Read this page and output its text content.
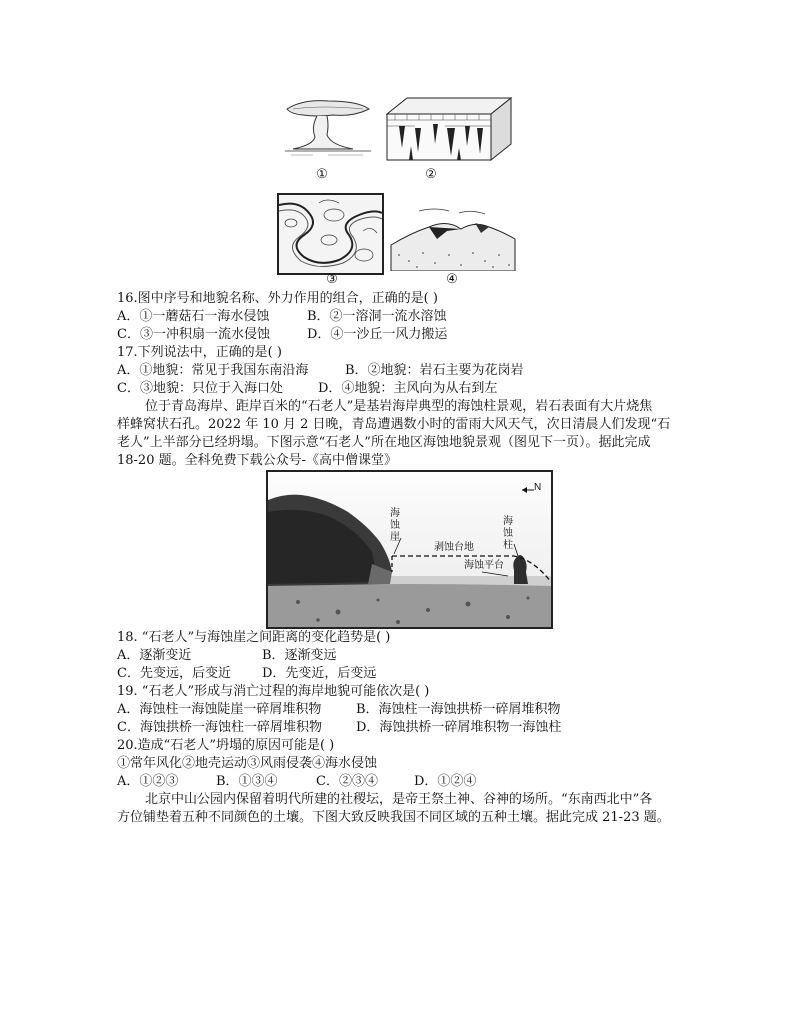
①	②
③	④
16.图中序号和地貌名称、外力作用的组合，正确的是( )
A．①一蘑菇石一海水侵蚀	B．②一溶洞一流水溶蚀
C．③一冲积扇一流水侵蚀	D．④一沙丘一风力搬运
17.下列说法中，正确的是( )
A．①地貌：常见于我国东南沿海	B．②地貌：岩石主要为花岗岩
C．③地貌：只位于入海口处	D．④地貌：主风向为从右到左
位于青岛海岸、距岸百米的“石老人”是基岩海岸典型的海蚀柱景观，岩石表面有大片烧焦
样蜂窝状石孔。2022 年 10 月 2 日晚，青岛遭遇数小时的雷雨大风天气，次日清晨人们发现“石
老人”上半部分已经坍塌。下图示意“石老人”所在地区海蚀地貌景观（图见下一页）。据此完成
18-20 题。全科免费下载公众号-《高中僧课堂》
N
海蚀崖
海蚀柱
剥蚀台地
海蚀平台
18. “石老人”与海蚀崖之间距离的变化趋势是( )
A．逐渐变近	B．逐渐变远
C．先变远，后变近 D．先变近，后变远
19. “石老人”形成与消亡过程的海岸地貌可能依次是( )
A．海蚀柱一海蚀陡崖一碎屑堆积物	B．海蚀柱一海蚀拱桥一碎屑堆积物
C．海蚀拱桥一海蚀柱一碎屑堆积物	D．海蚀拱桥一碎屑堆积物一海蚀柱
20.造成“石老人”坍塌的原因可能是( )
①常年风化②地壳运动③风雨侵袭④海水侵蚀
A．①②③	B．①③④	C．②③④	D．①②④
北京中山公园内保留着明代所建的社稷坛，是帝王祭土神、谷神的场所。“东南西北中”各
方位铺垫着五种不同颜色的土壤。下图大致反映我国不同区域的五种土壤。据此完成 21-23 题。
